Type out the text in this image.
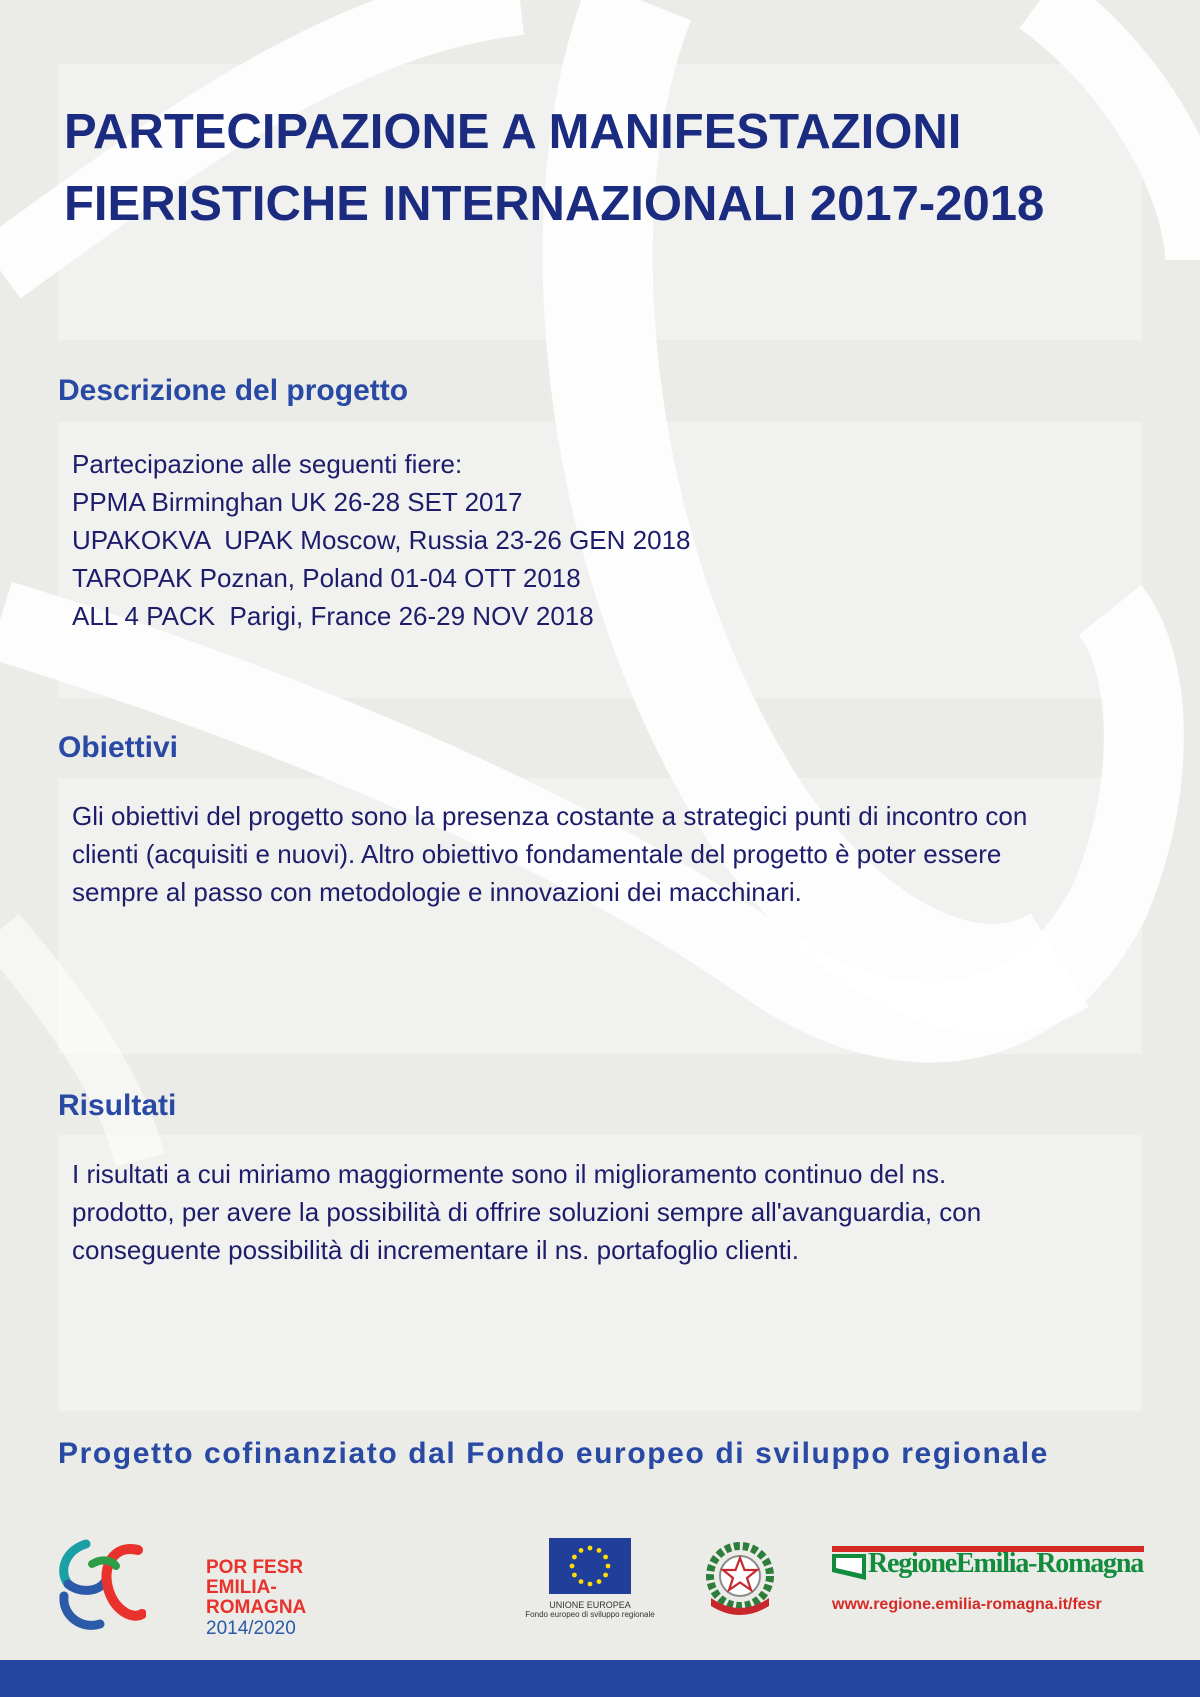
PARTECIPAZIONE A MANIFESTAZIONI
FIERISTICHE INTERNAZIONALI 2017-2018
Descrizione del progetto
Partecipazione alle seguenti fiere:
PPMA Birminghan UK 26-28 SET 2017
UPAKOKVA  UPAK Moscow, Russia 23-26 GEN 2018
TAROPAK Poznan, Poland 01-04 OTT 2018
ALL 4 PACK  Parigi, France 26-29 NOV 2018
Obiettivi
Gli obiettivi del progetto sono la presenza costante a strategici punti di incontro con
clienti (acquisiti e nuovi). Altro obiettivo fondamentale del progetto è poter essere
sempre al passo con metodologie e innovazioni dei macchinari.
Risultati
I risultati a cui miriamo maggiormente sono il miglioramento continuo del ns.
prodotto, per avere la possibilità di offrire soluzioni sempre all'avanguardia, con
conseguente possibilità di incrementare il ns. portafoglio clienti.
Progetto cofinanziato dal Fondo europeo di sviluppo regionale
POR FESR
EMILIA-ROMAGNA
2014/2020
UNIONE EUROPEA
Fondo europeo di sviluppo regionale
RegioneEmilia-Romagna
www.regione.emilia-romagna.it/fesr
